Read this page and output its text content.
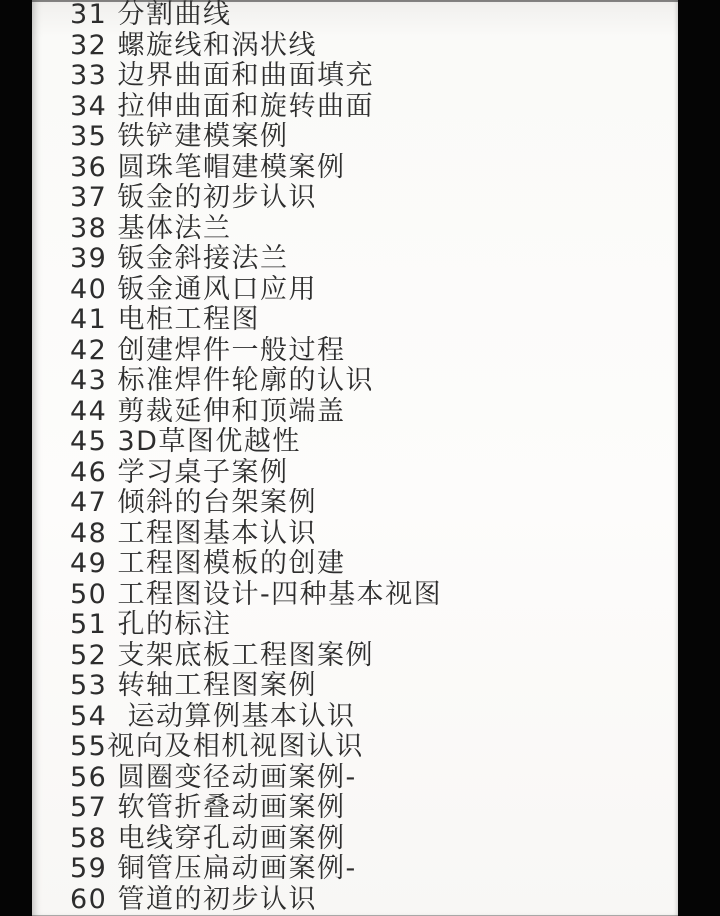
31 分割曲线
32 螺旋线和涡状线
33 边界曲面和曲面填充
34 拉伸曲面和旋转曲面
35 铁铲建模案例
36 圆珠笔帽建模案例
37 钣金的初步认识
38 基体法兰
39 钣金斜接法兰
40 钣金通风口应用
41 电柜工程图
42 创建焊件一般过程
43 标准焊件轮廓的认识
44 剪裁延伸和顶端盖
45 3D草图优越性
46 学习桌子案例
47 倾斜的台架案例
48 工程图基本认识
49 工程图模板的创建
50 工程图设计-四种基本视图
51 孔的标注
52 支架底板工程图案例
53 转轴工程图案例
54  运动算例基本认识
55视向及相机视图认识
56 圆圈变径动画案例-
57 软管折叠动画案例
58 电线穿孔动画案例
59 铜管压扁动画案例-
60 管道的初步认识
